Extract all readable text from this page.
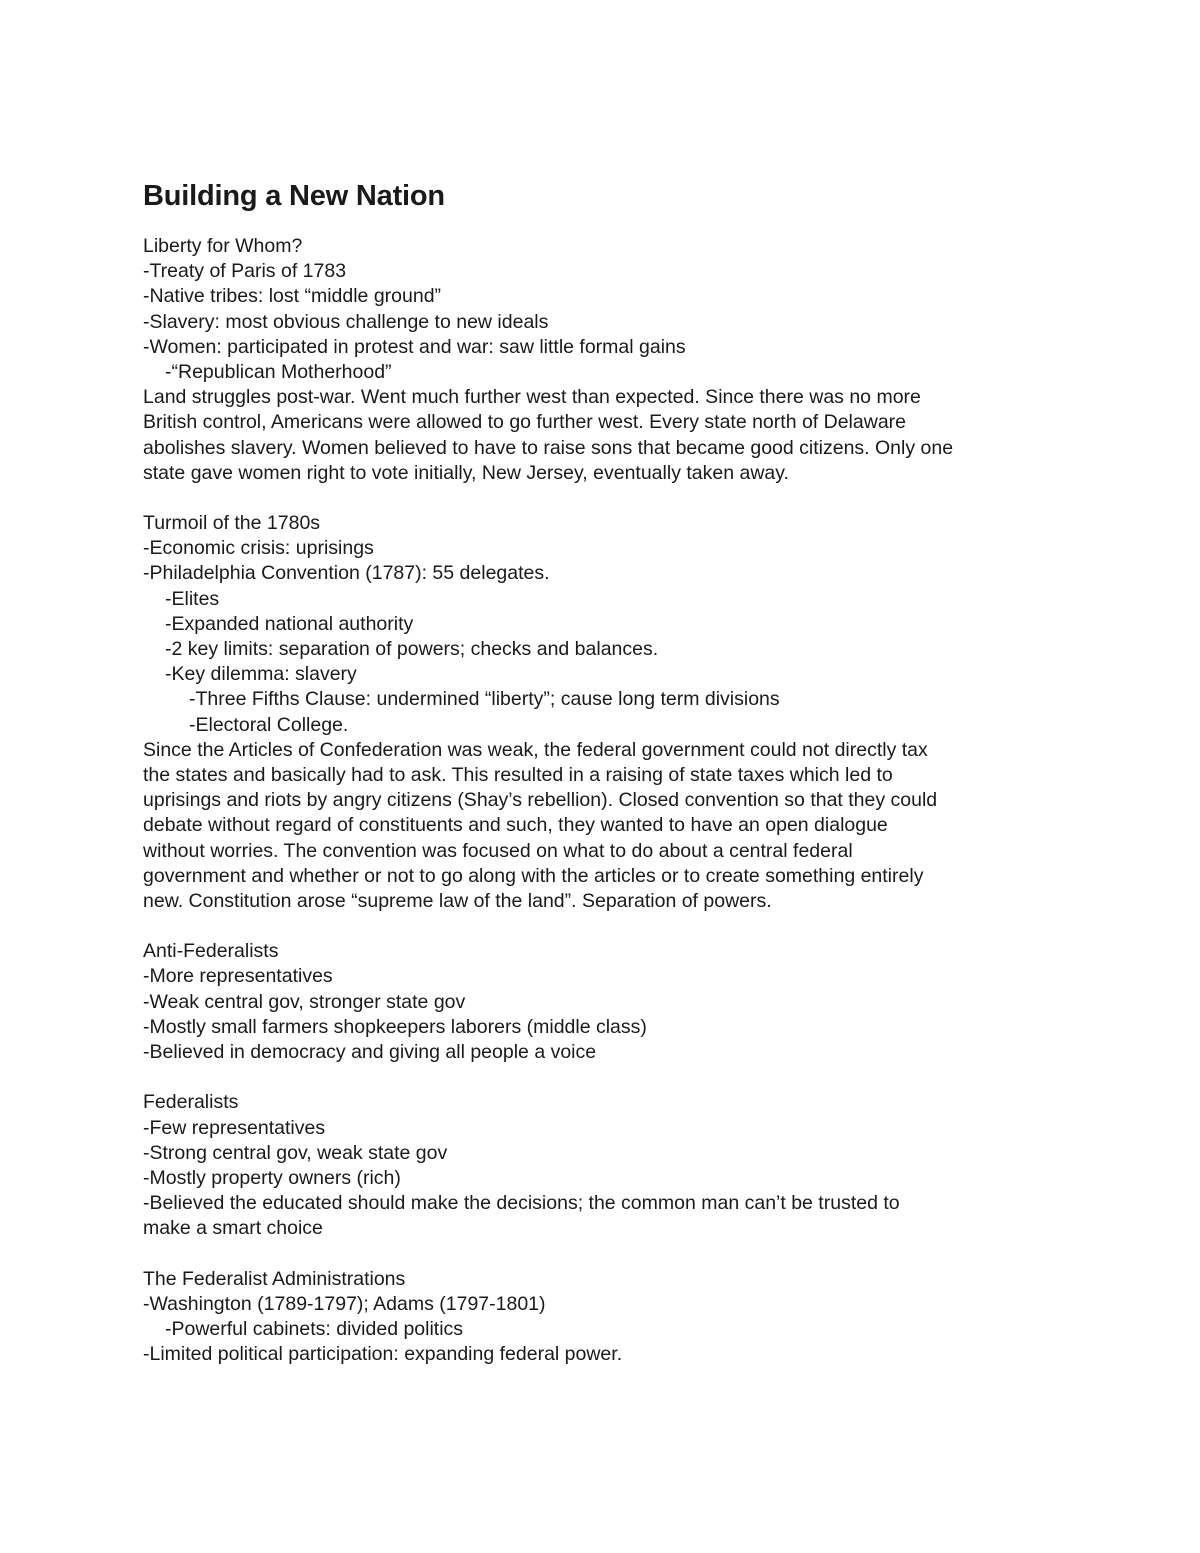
Building a New Nation
Liberty for Whom?
-Treaty of Paris of 1783
-Native tribes: lost “middle ground”
-Slavery: most obvious challenge to new ideals
-Women: participated in protest and war: saw little formal gains
-“Republican Motherhood”
Land struggles post-war. Went much further west than expected. Since there was no more
British control, Americans were allowed to go further west. Every state north of Delaware
abolishes slavery. Women believed to have to raise sons that became good citizens. Only one
state gave women right to vote initially, New Jersey, eventually taken away.
Turmoil of the 1780s
-Economic crisis: uprisings
-Philadelphia Convention (1787): 55 delegates.
-Elites
-Expanded national authority
-2 key limits: separation of powers; checks and balances.
-Key dilemma: slavery
-Three Fifths Clause: undermined “liberty”; cause long term divisions
-Electoral College.
Since the Articles of Confederation was weak, the federal government could not directly tax
the states and basically had to ask. This resulted in a raising of state taxes which led to
uprisings and riots by angry citizens (Shay’s rebellion). Closed convention so that they could
debate without regard of constituents and such, they wanted to have an open dialogue
without worries. The convention was focused on what to do about a central federal
government and whether or not to go along with the articles or to create something entirely
new. Constitution arose “supreme law of the land”. Separation of powers.
Anti-Federalists
-More representatives
-Weak central gov, stronger state gov
-Mostly small farmers shopkeepers laborers (middle class)
-Believed in democracy and giving all people a voice
Federalists
-Few representatives
-Strong central gov, weak state gov
-Mostly property owners (rich)
-Believed the educated should make the decisions; the common man can’t be trusted to
make a smart choice
The Federalist Administrations
-Washington (1789-1797); Adams (1797-1801)
-Powerful cabinets: divided politics
-Limited political participation: expanding federal power.
